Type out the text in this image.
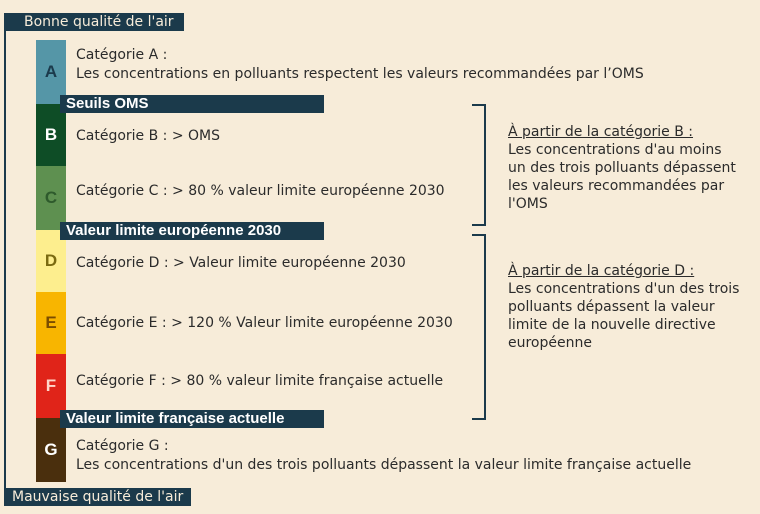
Bonne qualité de l'air
Mauvaise qualité de l'air
A
B
C
D
E
F
G
Seuils OMS
Valeur limite européenne 2030
Valeur limite française actuelle
Catégorie A :
Les concentrations en polluants respectent les valeurs recommandées par l’OMS
Catégorie B : > OMS
Catégorie C : > 80 % valeur limite européenne 2030
Catégorie D : > Valeur limite européenne 2030
Catégorie E : > 120 % Valeur limite européenne 2030
Catégorie F : > 80 % valeur limite française actuelle
Catégorie G :
Les concentrations d'un des trois polluants dépassent la valeur limite française actuelle
À partir de la catégorie B :
Les concentrations d'au moins un des trois polluants dépassent les valeurs recommandées par l'OMS
À partir de la catégorie D :
Les concentrations d'un des trois polluants dépassent la valeur limite de la nouvelle directive européenne
